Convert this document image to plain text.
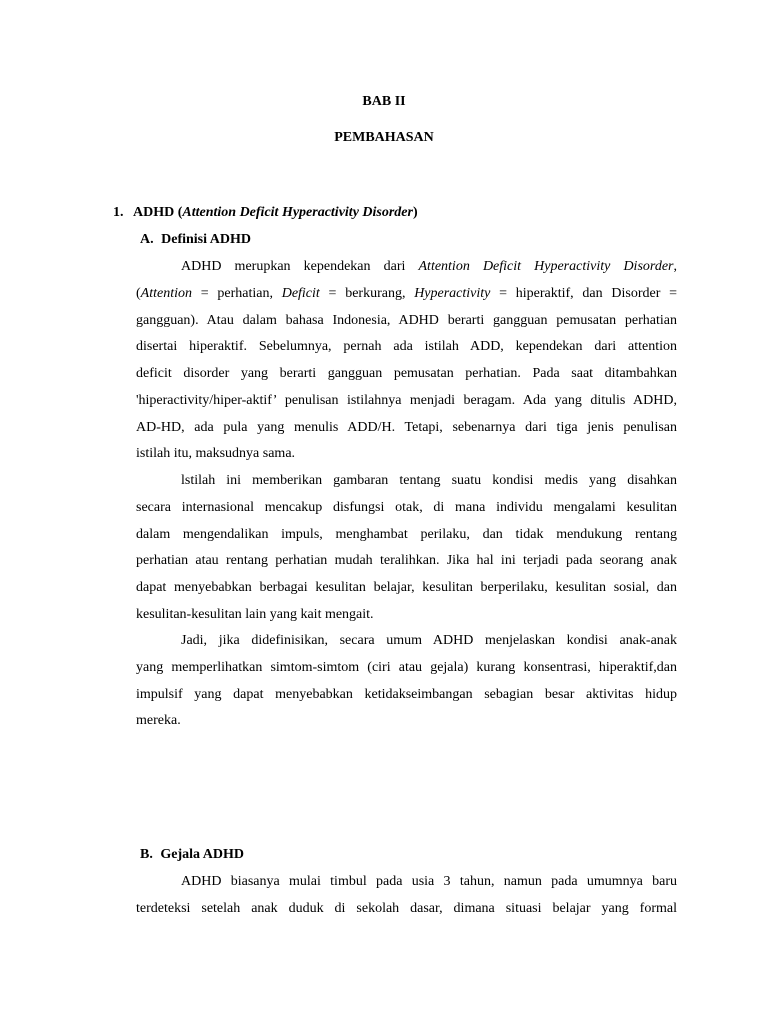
BAB II
PEMBAHASAN
1. ADHD (Attention Deficit Hyperactivity Disorder)
A. Definisi ADHD
ADHD merupkan kependekan dari Attention Deficit Hyperactivity Disorder,
(Attention = perhatian, Deficit = berkurang, Hyperactivity = hiperaktif, dan Disorder =
gangguan). Atau dalam bahasa Indonesia, ADHD berarti gangguan pemusatan perhatian
disertai hiperaktif. Sebelumnya, pernah ada istilah ADD, kependekan dari attention
deficit disorder yang berarti gangguan pemusatan perhatian. Pada saat ditambahkan
'hiperactivity/hiper-aktif’ penulisan istilahnya menjadi beragam. Ada yang ditulis ADHD,
AD-HD, ada pula yang menulis ADD/H. Tetapi, sebenarnya dari tiga jenis penulisan
istilah itu, maksudnya sama.
lstilah ini memberikan gambaran tentang suatu kondisi medis yang disahkan
secara internasional mencakup disfungsi otak, di mana individu mengalami kesulitan
dalam mengendalikan impuls, menghambat perilaku, dan tidak mendukung rentang
perhatian atau rentang perhatian mudah teralihkan. Jika hal ini terjadi pada seorang anak
dapat menyebabkan berbagai kesulitan belajar, kesulitan berperilaku, kesulitan sosial, dan
kesulitan-kesulitan lain yang kait mengait.
Jadi, jika didefinisikan, secara umum ADHD menjelaskan kondisi anak-anak
yang memperlihatkan simtom-simtom (ciri atau gejala) kurang konsentrasi, hiperaktif,dan
impulsif yang dapat menyebabkan ketidakseimbangan sebagian besar aktivitas hidup
mereka.
B. Gejala ADHD
ADHD biasanya mulai timbul pada usia 3 tahun, namun pada umumnya baru
terdeteksi setelah anak duduk di sekolah dasar, dimana situasi belajar yang formal
